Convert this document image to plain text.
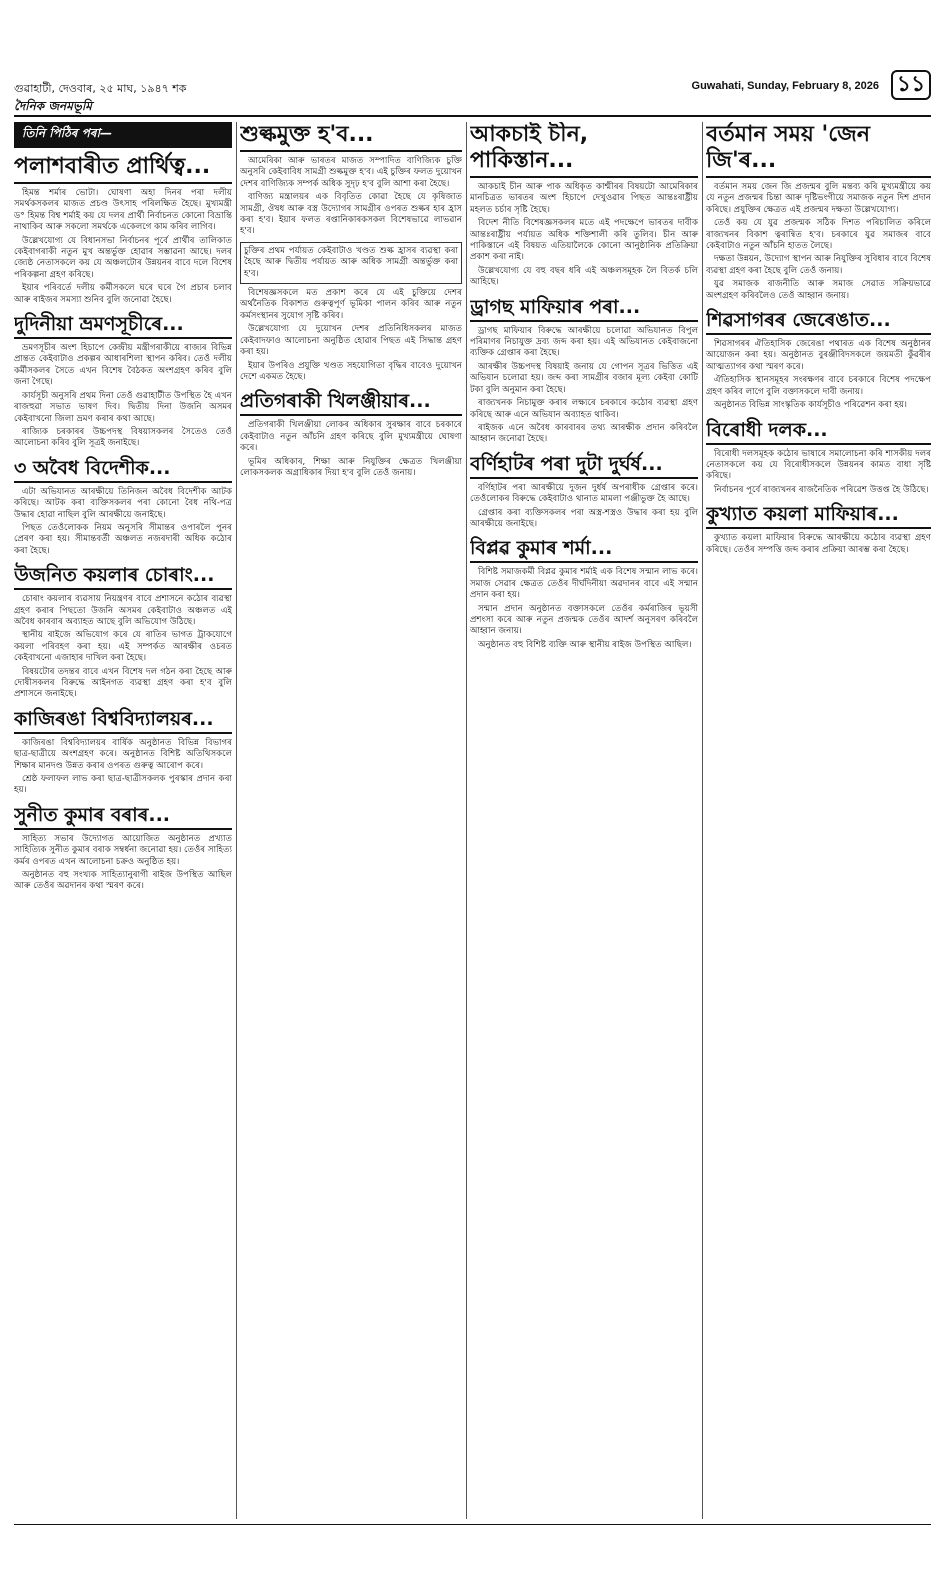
গুৱাহাটী, দেওবাৰ, ২৫ মাঘ, ১৯৪৭ শক	Guwahati, Sunday, February 8, 2026 ১১
দৈনিক জনমভূমি
তিনি পিঠিৰ পৰা—
পলাশবাৰীত প্ৰাৰ্থিত্ব...

হিমন্ত শৰ্মাৰ ভোটা। ঘোষণা অহা দিনৰ পৰা দলীয় সমৰ্থকসকলৰ মাজত প্ৰচণ্ড উৎসাহ পৰিলক্ষিত হৈছে। মুখ্যমন্ত্ৰী ড° হিমন্ত বিশ্ব শৰ্মাই কয় যে দলৰ প্ৰাৰ্থী নিৰ্বাচনত কোনো বিভ্ৰান্তি নাথাকিব আৰু সকলো সমৰ্থকে একেলগে কাম কৰিব লাগিব।

উল্লেখযোগ্য যে বিধানসভা নিৰ্বাচনৰ পূৰ্বে প্ৰাৰ্থীৰ তালিকাত কেইবাগৰাকী নতুন মুখ অন্তৰ্ভুক্ত হোৱাৰ সম্ভাৱনা আছে। দলৰ জ্যেষ্ঠ নেতাসকলে কয় যে অঞ্চলটোৰ উন্নয়নৰ বাবে দলে বিশেষ পৰিকল্পনা গ্ৰহণ কৰিছে।

ইয়াৰ পৰিবৰ্তে দলীয় কৰ্মীসকলে ঘৰে ঘৰে গৈ প্ৰচাৰ চলাব আৰু ৰাইজৰ সমস্যা শুনিব বুলি জনোৱা হৈছে।

দুদিনীয়া ভ্ৰমণসূচীৰে...

ভ্ৰমণসূচীৰ অংশ হিচাপে কেন্দ্ৰীয় মন্ত্ৰীগৰাকীয়ে ৰাজ্যৰ বিভিন্ন প্ৰান্তত কেইবাটাও প্ৰকল্পৰ আধাৰশিলা স্থাপন কৰিব। তেওঁ দলীয় কৰ্মীসকলৰ সৈতে এখন বিশেষ বৈঠকত অংশগ্ৰহণ কৰিব বুলি জনা গৈছে।

কাৰ্যসূচী অনুসৰি প্ৰথম দিনা তেওঁ গুৱাহাটীত উপস্থিত হৈ এখন ৰাজহুৱা সভাত ভাষণ দিব। দ্বিতীয় দিনা উজনি অসমৰ কেইবাখনো জিলা ভ্ৰমণ কৰাৰ কথা আছে।

ৰাজ্যিক চৰকাৰৰ উচ্চপদস্থ বিষয়াসকলৰ সৈতেও তেওঁ আলোচনা কৰিব বুলি সূত্ৰই জনাইছে।

৩ অবৈধ বিদেশীক...

এটা অভিযানত আৰক্ষীয়ে তিনিজন অবৈধ বিদেশীক আটক কৰিছে। আটক কৰা ব্যক্তিসকলৰ পৰা কোনো বৈধ নথি-পত্ৰ উদ্ধাৰ হোৱা নাছিল বুলি আৰক্ষীয়ে জনাইছে।

পিছত তেওঁলোকক নিয়ম অনুসৰি সীমান্তৰ ওপাৰলৈ পুনৰ প্ৰেৰণ কৰা হয়। সীমান্তবৰ্তী অঞ্চলত নজৰদাৰী অধিক কঠোৰ কৰা হৈছে।

উজনিত কয়লাৰ চোৰাং...

চোৰাং কয়লাৰ ব্যৱসায় নিয়ন্ত্ৰণৰ বাবে প্ৰশাসনে কঠোৰ ব্যৱস্থা গ্ৰহণ কৰাৰ পিছতো উজনি অসমৰ কেইবাটাও অঞ্চলত এই অবৈধ কাৰবাৰ অব্যাহত আছে বুলি অভিযোগ উঠিছে।

স্থানীয় ৰাইজে অভিযোগ কৰে যে ৰাতিৰ ভাগত ট্ৰাকযোগে কয়লা পৰিবহণ কৰা হয়। এই সম্পৰ্কত আৰক্ষীৰ ওচৰত কেইবাখনো এজাহাৰ দাখিল কৰা হৈছে।

বিষয়টোৰ তদন্তৰ বাবে এখন বিশেষ দল গঠন কৰা হৈছে আৰু দোষীসকলৰ বিৰুদ্ধে আইনগত ব্যৱস্থা গ্ৰহণ কৰা হ'ব বুলি প্ৰশাসনে জনাইছে।

কাজিৰঙা বিশ্ববিদ্যালয়ৰ...

কাজিৰঙা বিশ্ববিদ্যালয়ৰ বাৰ্ষিক অনুষ্ঠানত বিভিন্ন বিভাগৰ ছাত্ৰ-ছাত্ৰীয়ে অংশগ্ৰহণ কৰে। অনুষ্ঠানত বিশিষ্ট অতিথিসকলে শিক্ষাৰ মানদণ্ড উন্নত কৰাৰ ওপৰত গুৰুত্ব আৰোপ কৰে।

শ্ৰেষ্ঠ ফলাফল লাভ কৰা ছাত্ৰ-ছাত্ৰীসকলক পুৰস্কাৰ প্ৰদান কৰা হয়।

সুনীত কুমাৰ বৰাৰ...

সাহিত্য সভাৰ উদ্যোগত আয়োজিত অনুষ্ঠানত প্ৰখ্যাত সাহিত্যিক সুনীত কুমাৰ বৰাক সম্বৰ্ধনা জনোৱা হয়। তেওঁৰ সাহিত্য কৰ্মৰ ওপৰত এখন আলোচনা চক্ৰও অনুষ্ঠিত হয়।

অনুষ্ঠানত বহু সংখ্যক সাহিত্যানুৰাগী ৰাইজ উপস্থিত আছিল আৰু তেওঁৰ অৱদানৰ কথা স্মৰণ কৰে।

শুল্কমুক্ত হ'ব...

আমেৰিকা আৰু ভাৰতৰ মাজত সম্পাদিত বাণিজ্যিক চুক্তি অনুসৰি কেইবাবিধ সামগ্ৰী শুল্কমুক্ত হ'ব। এই চুক্তিৰ ফলত দুয়োখন দেশৰ বাণিজ্যিক সম্পৰ্ক অধিক সুদৃঢ় হ'ব বুলি আশা কৰা হৈছে।

বাণিজ্য মন্ত্ৰালয়ৰ এক বিবৃতিত কোৱা হৈছে যে কৃষিজাত সামগ্ৰী, ঔষধ আৰু বস্ত্ৰ উদ্যোগৰ সামগ্ৰীৰ ওপৰত শুল্কৰ হাৰ হ্ৰাস কৰা হ'ব। ইয়াৰ ফলত ৰপ্তানিকাৰকসকল বিশেষভাৱে লাভৱান হ'ব।

চুক্তিৰ প্ৰথম পৰ্যায়ত কেইবাটাও খণ্ডত শুল্ক হ্ৰাসৰ ব্যৱস্থা কৰা হৈছে আৰু দ্বিতীয় পৰ্যায়ত আৰু অধিক সামগ্ৰী অন্তৰ্ভুক্ত কৰা হ'ব।

বিশেষজ্ঞসকলে মত প্ৰকাশ কৰে যে এই চুক্তিয়ে দেশৰ অৰ্থনৈতিক বিকাশত গুৰুত্বপূৰ্ণ ভূমিকা পালন কৰিব আৰু নতুন কৰ্মসংস্থানৰ সুযোগ সৃষ্টি কৰিব।

উল্লেখযোগ্য যে দুয়োখন দেশৰ প্ৰতিনিধিসকলৰ মাজত কেইবাদফাও আলোচনা অনুষ্ঠিত হোৱাৰ পিছত এই সিদ্ধান্ত গ্ৰহণ কৰা হয়।

ইয়াৰ উপৰিও প্ৰযুক্তি খণ্ডত সহযোগিতা বৃদ্ধিৰ বাবেও দুয়োখন দেশে একমত হৈছে।

প্ৰতিগৰাকী খিলঞ্জীয়াৰ...

প্ৰতিগৰাকী খিলঞ্জীয়া লোকৰ অধিকাৰ সুৰক্ষাৰ বাবে চৰকাৰে কেইবাটাও নতুন আঁচনি গ্ৰহণ কৰিছে বুলি মুখ্যমন্ত্ৰীয়ে ঘোষণা কৰে।

ভূমিৰ অধিকাৰ, শিক্ষা আৰু নিযুক্তিৰ ক্ষেত্ৰত খিলঞ্জীয়া লোকসকলক অগ্ৰাধিকাৰ দিয়া হ'ব বুলি তেওঁ জনায়।

আকচাই চীন, পাকিস্তান...

আকচাই চীন আৰু পাক অধিকৃত কাশ্মীৰৰ বিষয়টো আমেৰিকাৰ মানচিত্ৰত ভাৰতৰ অংশ হিচাপে দেখুওৱাৰ পিছত আন্তঃৰাষ্ট্ৰীয় মহলত চৰ্চাৰ সৃষ্টি হৈছে।

বিদেশ নীতি বিশেষজ্ঞসকলৰ মতে এই পদক্ষেপে ভাৰতৰ দাবীক আন্তঃৰাষ্ট্ৰীয় পৰ্যায়ত অধিক শক্তিশালী কৰি তুলিব। চীন আৰু পাকিস্তানে এই বিষয়ত এতিয়ালৈকে কোনো আনুষ্ঠানিক প্ৰতিক্ৰিয়া প্ৰকাশ কৰা নাই।

উল্লেখযোগ্য যে বহু বছৰ ধৰি এই অঞ্চলসমূহক লৈ বিতৰ্ক চলি আহিছে।

ড্ৰাগছ মাফিয়াৰ পৰা...

ড্ৰাগছ মাফিয়াৰ বিৰুদ্ধে আৰক্ষীয়ে চলোৱা অভিযানত বিপুল পৰিমাণৰ নিচাযুক্ত দ্ৰব্য জব্দ কৰা হয়। এই অভিযানত কেইবাজনো ব্যক্তিক গ্ৰেপ্তাৰ কৰা হৈছে।

আৰক্ষীৰ উচ্চপদস্থ বিষয়াই জনায় যে গোপন সূত্ৰৰ ভিত্তিত এই অভিযান চলোৱা হয়। জব্দ কৰা সামগ্ৰীৰ বজাৰ মূল্য কেইবা কোটি টকা বুলি অনুমান কৰা হৈছে।

ৰাজ্যখনক নিচামুক্ত কৰাৰ লক্ষ্যৰে চৰকাৰে কঠোৰ ব্যৱস্থা গ্ৰহণ কৰিছে আৰু এনে অভিযান অব্যাহত থাকিব।

ৰাইজক এনে অবৈধ কাৰবাৰৰ তথ্য আৰক্ষীক প্ৰদান কৰিবলৈ আহ্বান জনোৱা হৈছে।

বৰ্ণিহাটৰ পৰা দুটা দুৰ্ঘৰ্ষ...

বৰ্ণিহাটৰ পৰা আৰক্ষীয়ে দুজন দুৰ্ধৰ্ষ অপৰাধীক গ্ৰেপ্তাৰ কৰে। তেওঁলোকৰ বিৰুদ্ধে কেইবাটাও থানাত মামলা পঞ্জীভুক্ত হৈ আছে।

গ্ৰেপ্তাৰ কৰা ব্যক্তিসকলৰ পৰা অস্ত্ৰ-শস্ত্ৰও উদ্ধাৰ কৰা হয় বুলি আৰক্ষীয়ে জনাইছে।

বিপ্লৱ কুমাৰ শৰ্মা...

বিশিষ্ট সমাজকৰ্মী বিপ্লৱ কুমাৰ শৰ্মাই এক বিশেষ সন্মান লাভ কৰে। সমাজ সেৱাৰ ক্ষেত্ৰত তেওঁৰ দীৰ্ঘদিনীয়া অৱদানৰ বাবে এই সন্মান প্ৰদান কৰা হয়।

সন্মান প্ৰদান অনুষ্ঠানত বক্তাসকলে তেওঁৰ কৰ্মৰাজিৰ ভূয়সী প্ৰশংসা কৰে আৰু নতুন প্ৰজন্মক তেওঁৰ আদৰ্শ অনুসৰণ কৰিবলৈ আহ্বান জনায়।

অনুষ্ঠানত বহু বিশিষ্ট ব্যক্তি আৰু স্থানীয় ৰাইজ উপস্থিত আছিল।

বৰ্তমান সময় 'জেন জি'ৰ...

বৰ্তমান সময় জেন জি প্ৰজন্মৰ বুলি মন্তব্য কৰি মুখ্যমন্ত্ৰীয়ে কয় যে নতুন প্ৰজন্মৰ চিন্তা আৰু দৃষ্টিভংগীয়ে সমাজক নতুন দিশ প্ৰদান কৰিছে। প্ৰযুক্তিৰ ক্ষেত্ৰত এই প্ৰজন্মৰ দক্ষতা উল্লেখযোগ্য।

তেওঁ কয় যে যুৱ প্ৰজন্মক সঠিক দিশত পৰিচালিত কৰিলে ৰাজ্যখনৰ বিকাশ ত্বৰান্বিত হ'ব। চৰকাৰে যুৱ সমাজৰ বাবে কেইবাটাও নতুন আঁচনি হাতত লৈছে।

দক্ষতা উন্নয়ন, উদ্যোগ স্থাপন আৰু নিযুক্তিৰ সুবিধাৰ বাবে বিশেষ ব্যৱস্থা গ্ৰহণ কৰা হৈছে বুলি তেওঁ জনায়।

যুৱ সমাজক ৰাজনীতি আৰু সমাজ সেৱাত সক্ৰিয়ভাৱে অংশগ্ৰহণ কৰিবলৈও তেওঁ আহ্বান জনায়।

শিৱসাগৰৰ জেৰেঙাত...

শিৱসাগৰৰ ঐতিহাসিক জেৰেঙা পথাৰত এক বিশেষ অনুষ্ঠানৰ আয়োজন কৰা হয়। অনুষ্ঠানত বুৰঞ্জীবিদসকলে জয়মতী কুঁৱৰীৰ আত্মত্যাগৰ কথা স্মৰণ কৰে।

ঐতিহাসিক স্থানসমূহৰ সংৰক্ষণৰ বাবে চৰকাৰে বিশেষ পদক্ষেপ গ্ৰহণ কৰিব লাগে বুলি বক্তাসকলে দাবী জনায়।

অনুষ্ঠানত বিভিন্ন সাংস্কৃতিক কাৰ্যসূচীও পৰিৱেশন কৰা হয়।

বিৰোধী দলক...

বিৰোধী দলসমূহক কঠোৰ ভাষাৰে সমালোচনা কৰি শাসকীয় দলৰ নেতাসকলে কয় যে বিৰোধীসকলে উন্নয়নৰ কামত বাধা সৃষ্টি কৰিছে।

নিৰ্বাচনৰ পূৰ্বে ৰাজ্যখনৰ ৰাজনৈতিক পৰিৱেশ উত্তপ্ত হৈ উঠিছে।

কুখ্যাত কয়লা মাফিয়াৰ...

কুখ্যাত কয়লা মাফিয়াৰ বিৰুদ্ধে আৰক্ষীয়ে কঠোৰ ব্যৱস্থা গ্ৰহণ কৰিছে। তেওঁৰ সম্পত্তি জব্দ কৰাৰ প্ৰক্ৰিয়া আৰম্ভ কৰা হৈছে।
